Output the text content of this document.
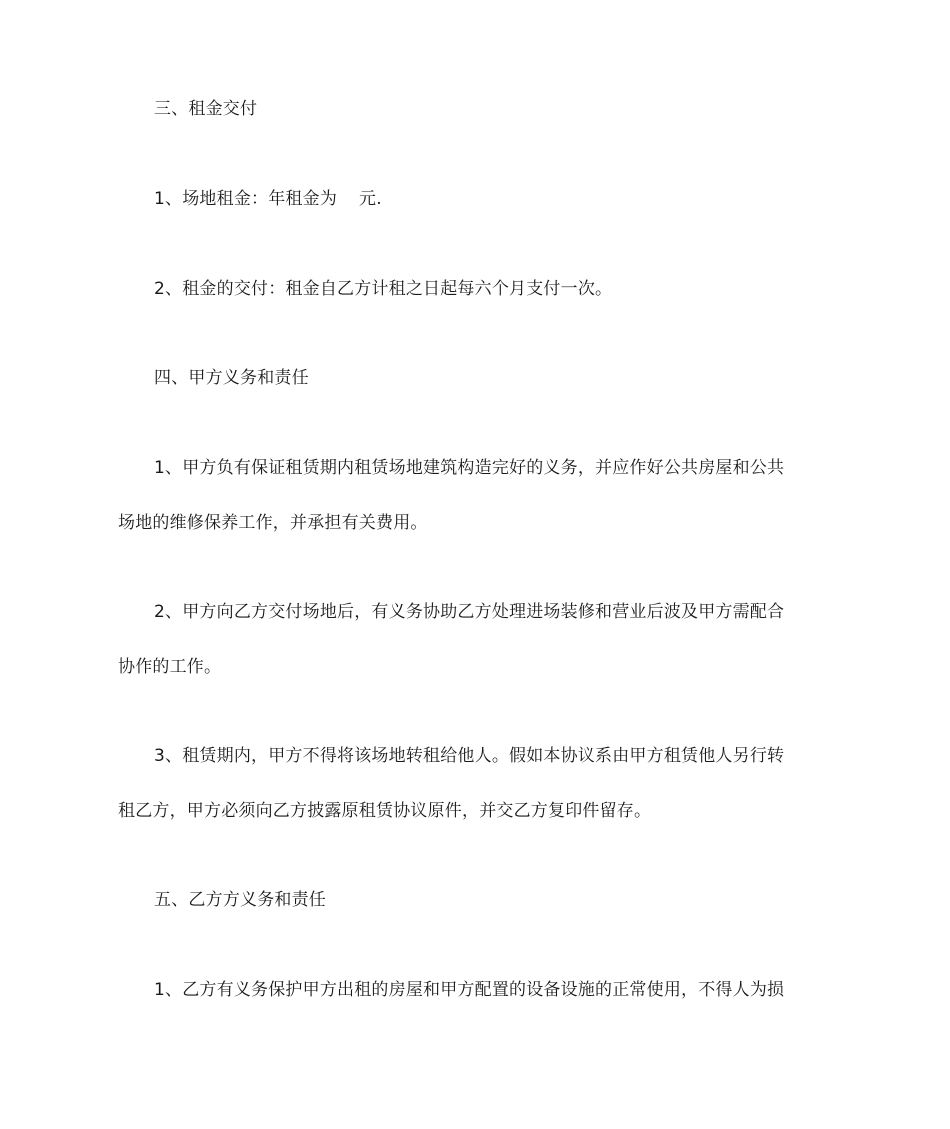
三、租金交付
1、场地租金：年租金为 元.
2、租金的交付：租金自乙方计租之日起每六个月支付一次。
四、甲方义务和责任
1、甲方负有保证租赁期内租赁场地建筑构造完好的义务，并应作好公共房屋和公共
场地的维修保养工作，并承担有关费用。
2、甲方向乙方交付场地后，有义务协助乙方处理进场装修和营业后波及甲方需配合
协作的工作。
3、租赁期内，甲方不得将该场地转租给他人。假如本协议系由甲方租赁他人另行转
租乙方，甲方必须向乙方披露原租赁协议原件，并交乙方复印件留存。
五、乙方方义务和责任
1、乙方有义务保护甲方出租的房屋和甲方配置的设备设施的正常使用，不得人为损
